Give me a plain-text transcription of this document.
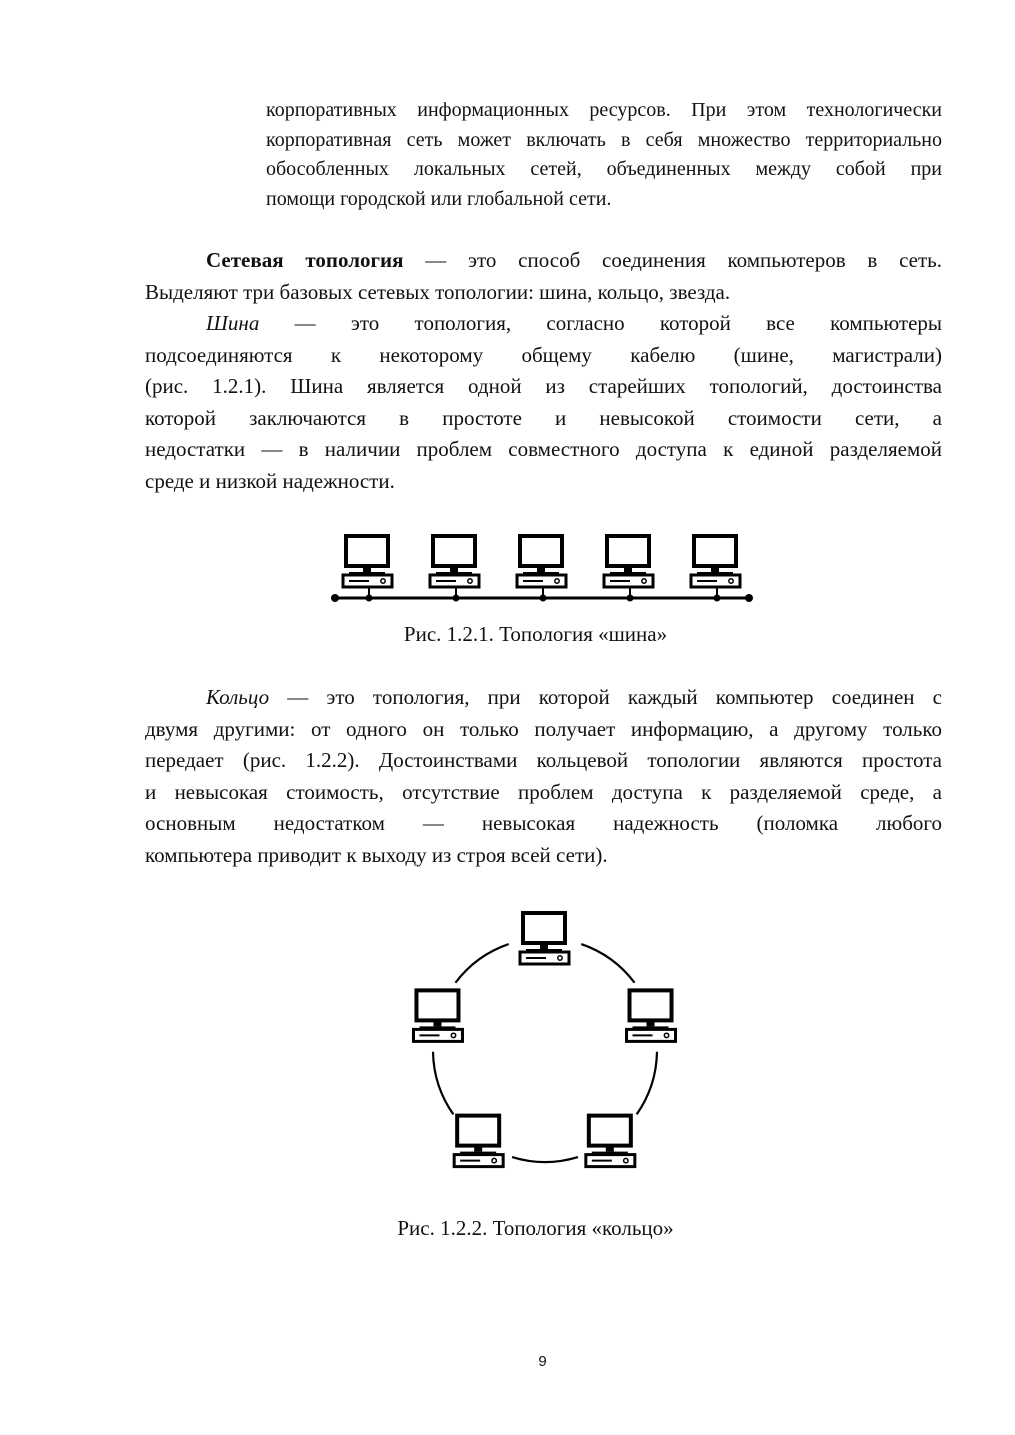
корпоративных информационных ресурсов. При этом технологически
корпоративная сеть может включать в себя множество территориально
обособленных локальных сетей, объединенных между собой при
помощи городской или глобальной сети.
Сетевая топология — это способ соединения компьютеров в сеть.
Выделяют три базовых сетевых топологии: шина, кольцо, звезда.
Шина — это топология, согласно которой все компьютеры
подсоединяются к некоторому общему кабелю (шине, магистрали)
(рис. 1.2.1). Шина является одной из старейших топологий, достоинства
которой заключаются в простоте и невысокой стоимости сети, а
недостатки — в наличии проблем совместного доступа к единой разделяемой
среде и низкой надежности.

Рис. 1.2.1. Топология «шина»

Кольцо — это топология, при которой каждый компьютер соединен с
двумя другими: от одного он только получает информацию, а другому только
передает (рис. 1.2.2). Достоинствами кольцевой топологии являются простота
и невысокая стоимость, отсутствие проблем доступа к разделяемой среде, а
основным недостатком — невысокая надежность (поломка любого
компьютера приводит к выходу из строя всей сети).

Рис. 1.2.2. Топология «кольцо»

9
